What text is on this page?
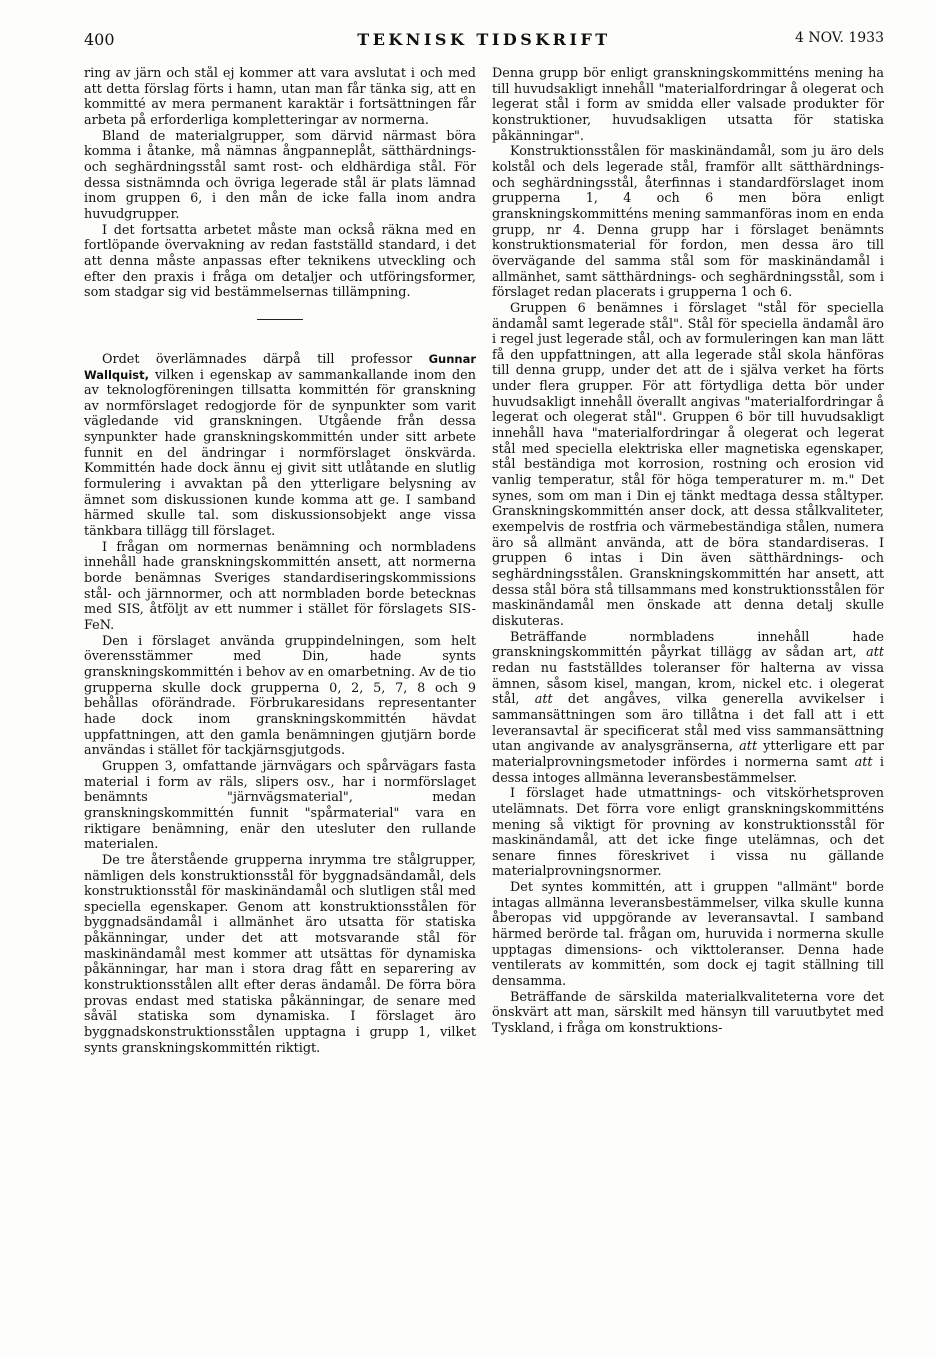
400	TEKNISK TIDSKRIFT	4 NOV. 1933

ring av järn och stål ej kommer att vara avslutat i och med att detta förslag förts i hamn, utan man får tänka sig, att en kommitté av mera permanent karaktär i fortsättningen får arbeta på erforderliga kompletteringar av normerna.

Bland de materialgrupper, som därvid närmast böra komma i åtanke, må nämnas ångpanneplåt, sätthärdnings- och seghärdningsstål samt rost- och eldhärdiga stål. För dessa sistnämnda och övriga legerade stål är plats lämnad inom gruppen 6, i den mån de icke falla inom andra huvudgrupper.

I det fortsatta arbetet måste man också räkna med en fortlöpande övervakning av redan fastställd standard, i det att denna måste anpassas efter teknikens utveckling och efter den praxis i fråga om detaljer och utföringsformer, som stadgar sig vid bestämmelsernas tillämpning.

Ordet överlämnades därpå till professor Gunnar Wallquist, vilken i egenskap av sammankallande inom den av teknologföreningen tillsatta kommittén för granskning av normförslaget redogjorde för de synpunkter som varit vägledande vid granskningen. Utgående från dessa synpunkter hade granskningskommittén under sitt arbete funnit en del ändringar i normförslaget önskvärda. Kommittén hade dock ännu ej givit sitt utlåtande en slutlig formulering i avvaktan på den ytterligare belysning av ämnet som diskussionen kunde komma att ge. I samband härmed skulle tal. som diskussionsobjekt ange vissa tänkbara tillägg till förslaget.

I frågan om normernas benämning och normbladens innehåll hade granskningskommittén ansett, att normerna borde benämnas Sveriges standardiseringskommissions stål- och järnnormer, och att normbladen borde betecknas med SIS, åtföljt av ett nummer i stället för förslagets SIS-FeN.

Den i förslaget använda gruppindelningen, som helt överensstämmer med Din, hade synts granskningskommittén i behov av en omarbetning. Av de tio grupperna skulle dock grupperna 0, 2, 5, 7, 8 och 9 behållas oförändrade. Förbrukaresidans representanter hade dock inom granskningskommittén hävdat uppfattningen, att den gamla benämningen gjutjärn borde användas i stället för tackjärnsgjutgods.

Gruppen 3, omfattande järnvägars och spårvägars fasta material i form av räls, slipers osv., har i normförslaget benämnts "järnvägsmaterial", medan granskningskommittén funnit "spårmaterial" vara en riktigare benämning, enär den utesluter den rullande materialen.

De tre återstående grupperna inrymma tre stålgrupper, nämligen dels konstruktionsstål för byggnadsändamål, dels konstruktionsstål för maskinändamål och slutligen stål med speciella egenskaper. Genom att konstruktionsstålen för byggnadsändamål i allmänhet äro utsatta för statiska påkänningar, under det att motsvarande stål för maskinändamål mest kommer att utsättas för dynamiska påkänningar, har man i stora drag fått en separering av konstruktionsstålen allt efter deras ändamål. De förra böra provas endast med statiska påkänningar, de senare med såväl statiska som dynamiska. I förslaget äro byggnadskonstruktionsstålen upptagna i grupp 1, vilket synts granskningskommittén riktigt.

Denna grupp bör enligt granskningskommitténs mening ha till huvudsakligt innehåll "materialfordringar å olegerat och legerat stål i form av smidda eller valsade produkter för konstruktioner, huvudsakligen utsatta för statiska påkänningar".

Konstruktionsstålen för maskinändamål, som ju äro dels kolstål och dels legerade stål, framför allt sätthärdnings- och seghärdningsstål, återfinnas i standardförslaget inom grupperna 1, 4 och 6 men böra enligt granskningskommitténs mening sammanföras inom en enda grupp, nr 4. Denna grupp har i förslaget benämnts konstruktionsmaterial för fordon, men dessa äro till övervägande del samma stål som för maskinändamål i allmänhet, samt sätthärdnings- och seghärdningsstål, som i förslaget redan placerats i grupperna 1 och 6.

Gruppen 6 benämnes i förslaget "stål för speciella ändamål samt legerade stål". Stål för speciella ändamål äro i regel just legerade stål, och av formuleringen kan man lätt få den uppfattningen, att alla legerade stål skola hänföras till denna grupp, under det att de i själva verket ha förts under flera grupper. För att förtydliga detta bör under huvudsakligt innehåll överallt angivas "materialfordringar å legerat och olegerat stål". Gruppen 6 bör till huvudsakligt innehåll hava "materialfordringar å olegerat och legerat stål med speciella elektriska eller magnetiska egenskaper, stål beständiga mot korrosion, rostning och erosion vid vanlig temperatur, stål för höga temperaturer m. m." Det synes, som om man i Din ej tänkt medtaga dessa ståltyper. Granskningskommittén anser dock, att dessa stålkvaliteter, exempelvis de rostfria och värmebeständiga stålen, numera äro så allmänt använda, att de böra standardiseras. I gruppen 6 intas i Din även sätthärdnings- och seghärdningsstålen. Granskningskommittén har ansett, att dessa stål böra stå tillsammans med konstruktionsstålen för maskinändamål men önskade att denna detalj skulle diskuteras.

Beträffande normbladens innehåll hade granskningskommittén påyrkat tillägg av sådan art, att redan nu fastställdes toleranser för halterna av vissa ämnen, såsom kisel, mangan, krom, nickel etc. i olegerat stål, att det angåves, vilka generella avvikelser i sammansättningen som äro tillåtna i det fall att i ett leveransavtal är specificerat stål med viss sammansättning utan angivande av analysgränserna, att ytterligare ett par materialprovningsmetoder infördes i normerna samt att i dessa intoges allmänna leveransbestämmelser.

I förslaget hade utmattnings- och vitskörhetsproven utelämnats. Det förra vore enligt granskningskommitténs mening så viktigt för provning av konstruktionsstål för maskinändamål, att det icke finge utelämnas, och det senare finnes föreskrivet i vissa nu gällande materialprovningsnormer.

Det syntes kommittén, att i gruppen "allmänt" borde intagas allmänna leveransbestämmelser, vilka skulle kunna åberopas vid uppgörande av leveransavtal. I samband härmed berörde tal. frågan om, huruvida i normerna skulle upptagas dimensions- och vikttoleranser. Denna hade ventilerats av kommittén, som dock ej tagit ställning till densamma.

Beträffande de särskilda materialkvaliteterna vore det önskvärt att man, särskilt med hänsyn till varuutbytet med Tyskland, i fråga om konstruktions-
